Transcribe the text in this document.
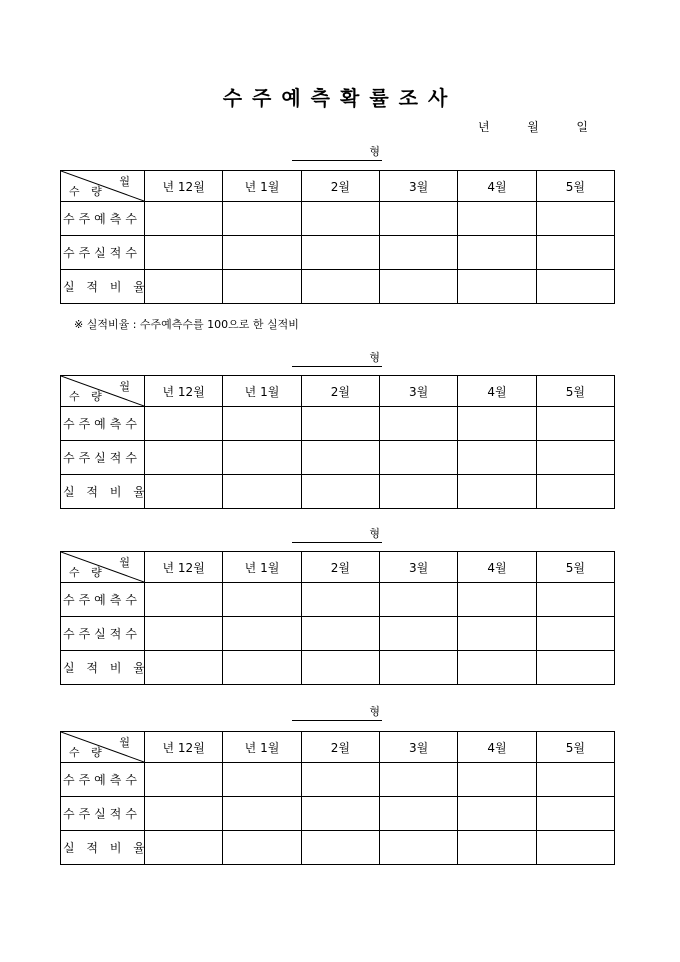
수주예측확률조사
년	월	일
형
월
수 량	년 12월	년 1월	2월	3월	4월	5월
수주예측수						
수주실적수						
실 적 비 율						
※ 실적비율 : 수주예측수를 100으로 한 실적비
형
월
수 량	년 12월	년 1월	2월	3월	4월	5월
수주예측수						
수주실적수						
실 적 비 율						
형
월
수 량	년 12월	년 1월	2월	3월	4월	5월
수주예측수						
수주실적수						
실 적 비 율						
형
월
수 량	년 12월	년 1월	2월	3월	4월	5월
수주예측수						
수주실적수						
실 적 비 율						
